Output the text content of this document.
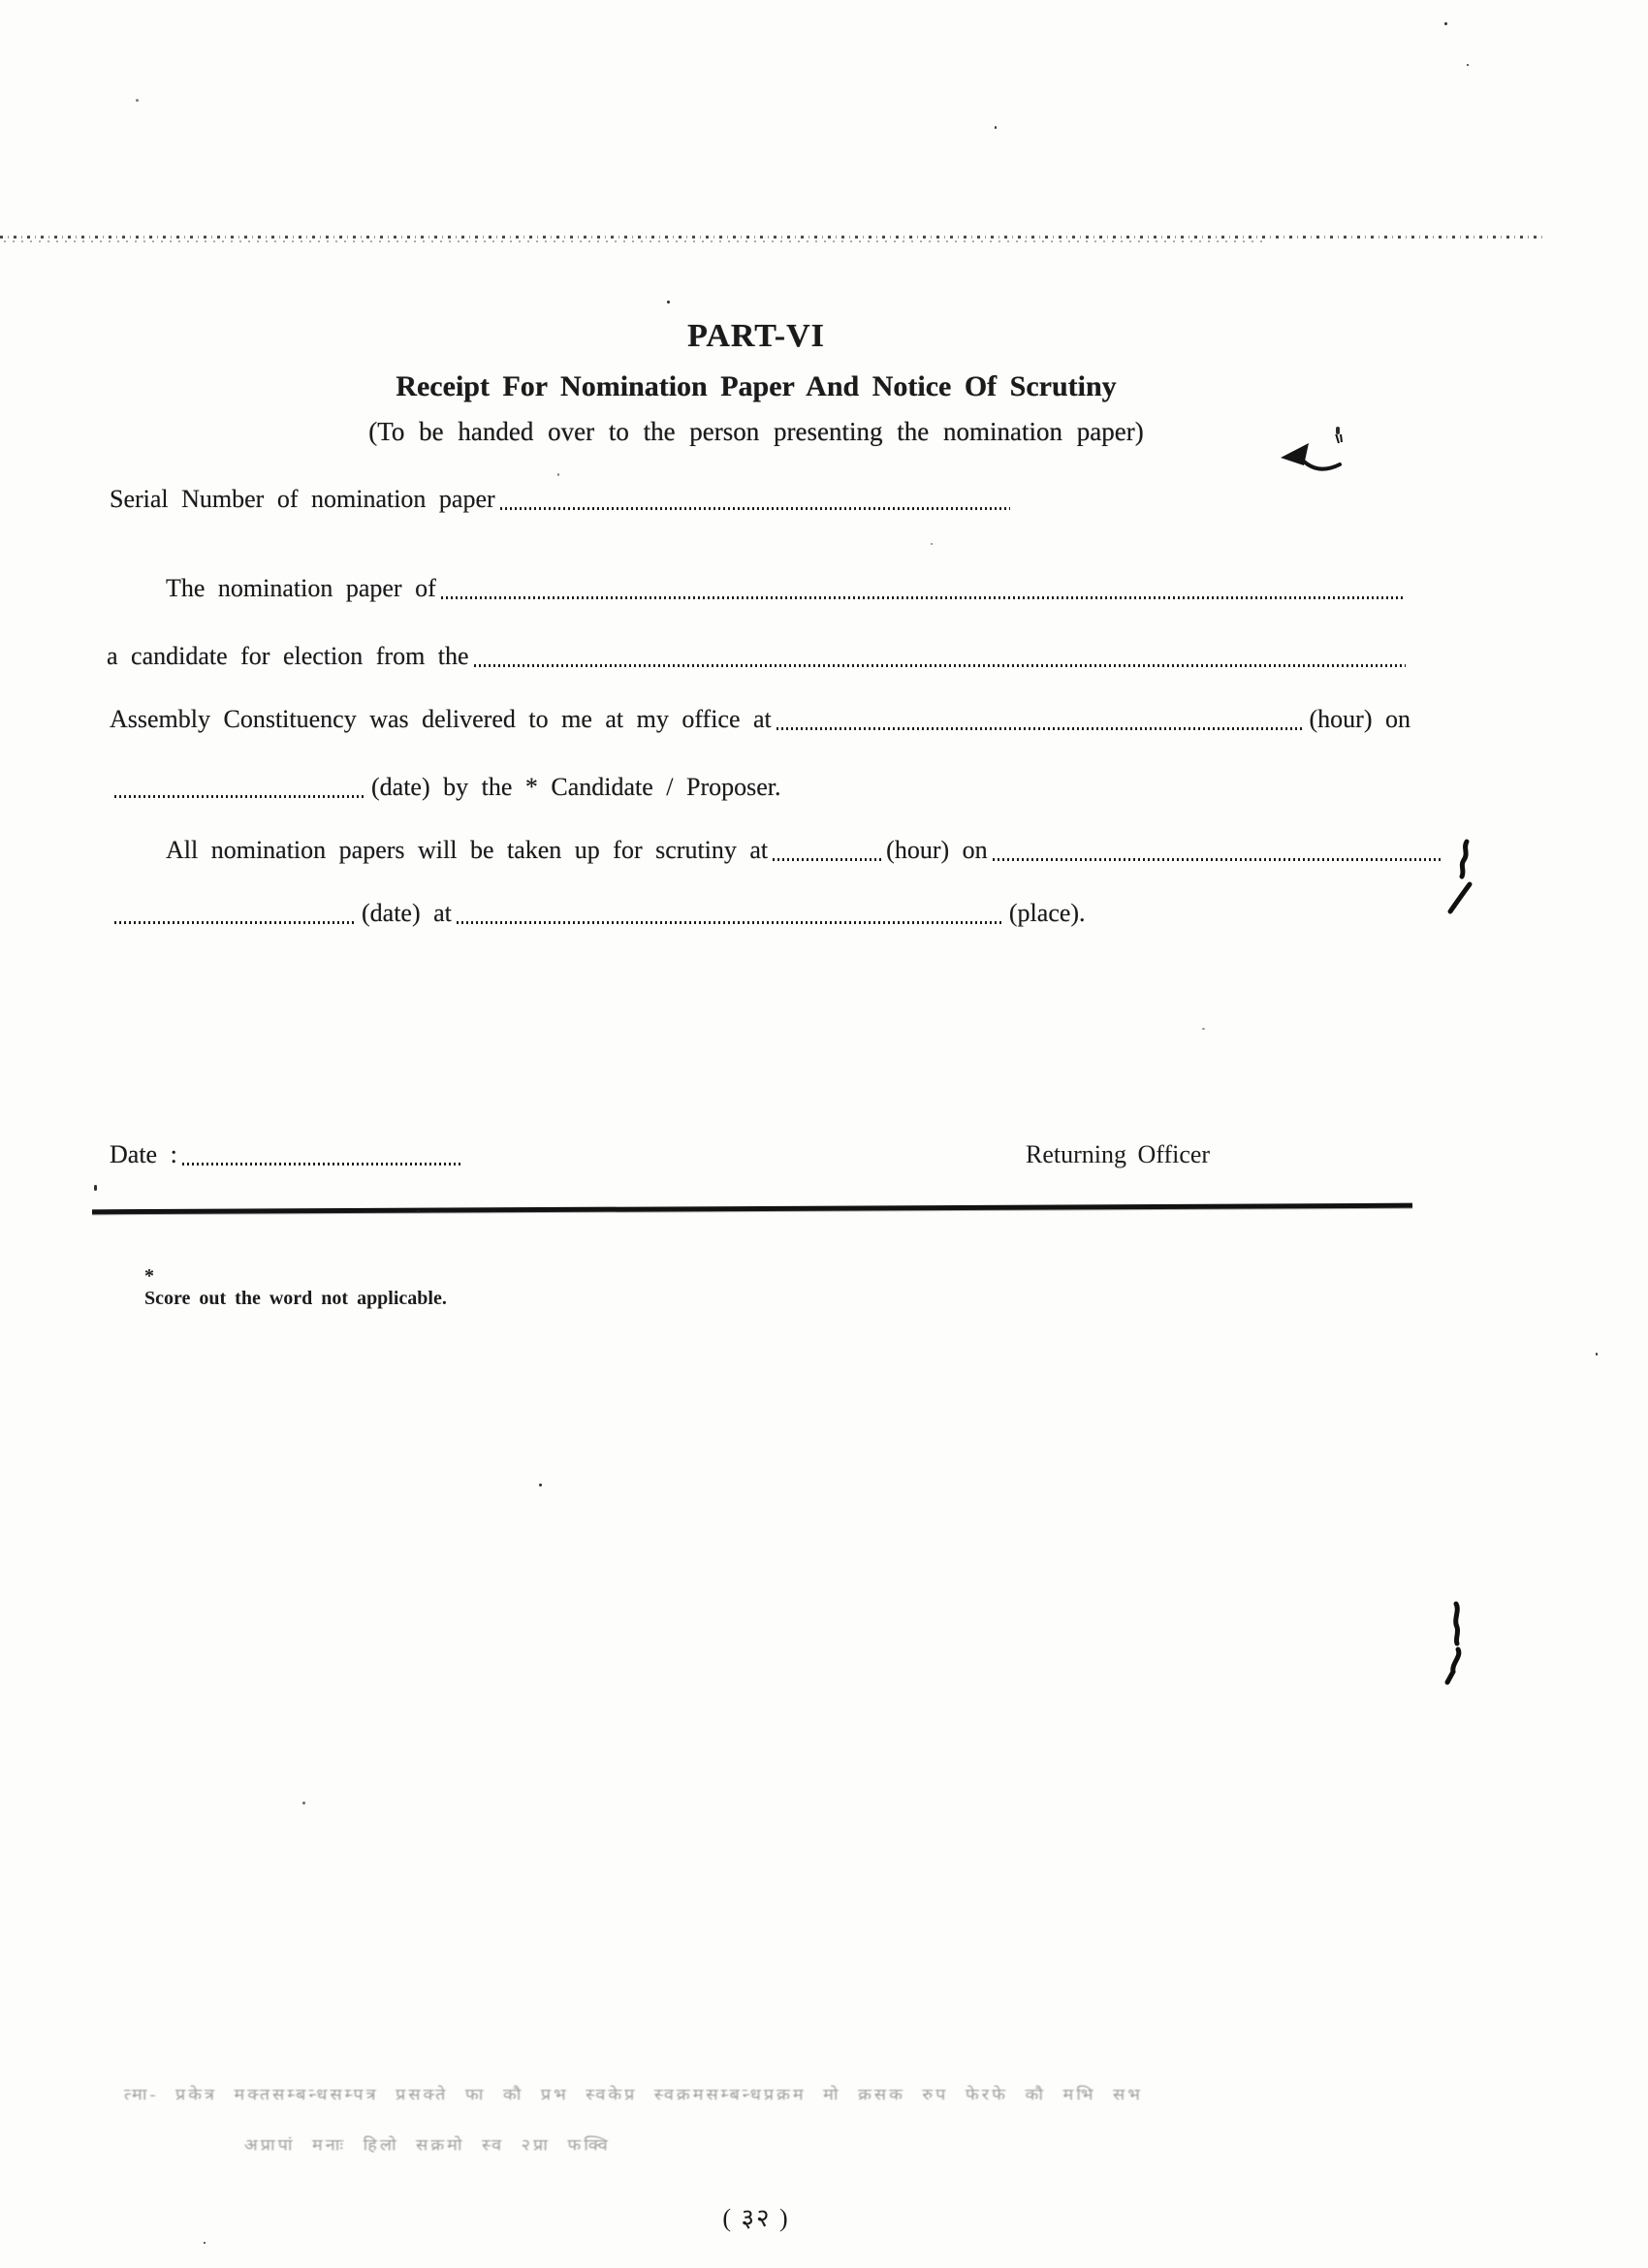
PART-VI
Receipt For Nomination Paper And Notice Of Scrutiny
(To be handed over to the person presenting the nomination paper)
Serial Number of nomination paper
The nomination paper of
a candidate for election from the
Assembly Constituency was delivered to me at my office at	(hour) on
(date) by the * Candidate / Proposer.
All nomination papers will be taken up for scrutiny at	(hour) on
(date) at	(place).
Date :	Returning Officer

*
Score out the word not applicable.

त्मा- प्रकेत्र मक्तसम्बन्धसम्पत्र प्रसक्ते फा कौ प्रभ स्वकेप्र स्वक्रमसम्बन्धप्रक्रम मो क्रसक रुप फेरफे कौ मभि सभ
अप्रापां मनाः हिलो सक्रमो स्व २प्रा फक्वि
( ३२ )
